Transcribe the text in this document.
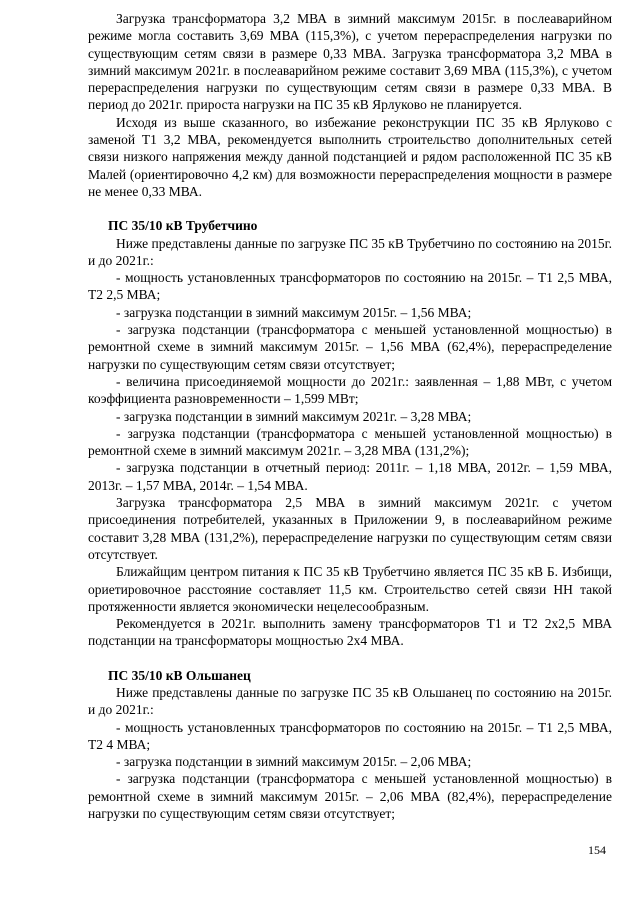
Загрузка трансформатора 3,2 МВА в зимний максимум 2015г. в послеаварийном режиме могла составить 3,69 МВА (115,3%), с учетом перераспределения нагрузки по существующим сетям связи в размере 0,33 МВА. Загрузка трансформатора 3,2 МВА в зимний максимум 2021г. в послеаварийном режиме составит 3,69 МВА (115,3%), с учетом перераспределения нагрузки по существующим сетям связи в размере 0,33 МВА. В период до 2021г. прироста нагрузки на ПС 35 кВ Ярлуково не планируется.

Исходя из выше сказанного, во избежание реконструкции ПС 35 кВ Ярлуково с заменой Т1 3,2 МВА, рекомендуется выполнить строительство дополнительных сетей связи низкого напряжения между данной подстанцией и рядом расположенной ПС 35 кВ Малей (ориентировочно 4,2 км) для возможности перераспределения мощности в размере не менее 0,33 МВА.

ПС 35/10 кВ Трубетчино

Ниже представлены данные по загрузке ПС 35 кВ Трубетчино по состоянию на 2015г. и до 2021г.:

- мощность установленных трансформаторов по состоянию на 2015г. – Т1 2,5 МВА, Т2 2,5 МВА;

- загрузка подстанции в зимний максимум 2015г. – 1,56 МВА;

- загрузка подстанции (трансформатора с меньшей установленной мощностью) в ремонтной схеме в зимний максимум 2015г. – 1,56 МВА (62,4%), перераспределение нагрузки по существующим сетям связи отсутствует;

- величина присоединяемой мощности до 2021г.: заявленная – 1,88 МВт, с учетом коэффициента разновременности – 1,599 МВт;

- загрузка подстанции в зимний максимум 2021г. – 3,28 МВА;

- загрузка подстанции (трансформатора с меньшей установленной мощностью) в ремонтной схеме в зимний максимум 2021г. – 3,28 МВА (131,2%);

- загрузка подстанции в отчетный период: 2011г. – 1,18 МВА, 2012г. – 1,59 МВА, 2013г. – 1,57 МВА, 2014г. – 1,54 МВА.

Загрузка трансформатора 2,5 МВА в зимний максимум 2021г. с учетом присоединения потребителей, указанных в Приложении 9, в послеаварийном режиме составит 3,28 МВА (131,2%), перераспределение нагрузки по существующим сетям связи отсутствует.

Ближайщим центром питания к ПС 35 кВ Трубетчино является ПС 35 кВ Б. Избищи, ориетировочное расстояние составляет 11,5 км. Строительство сетей связи НН такой протяженности является экономически нецелесообразным.

Рекомендуется в 2021г. выполнить замену трансформаторов Т1 и Т2 2х2,5 МВА подстанции на трансформаторы мощностью 2х4 МВА.

ПС 35/10 кВ Ольшанец

Ниже представлены данные по загрузке ПС 35 кВ Ольшанец по состоянию на 2015г. и до 2021г.:

- мощность установленных трансформаторов по состоянию на 2015г. – Т1 2,5 МВА, Т2 4 МВА;

- загрузка подстанции в зимний максимум 2015г. – 2,06 МВА;

- загрузка подстанции (трансформатора с меньшей установленной мощностью) в ремонтной схеме в зимний максимум 2015г. – 2,06 МВА (82,4%), перераспределение нагрузки по существующим сетям связи отсутствует;

154
